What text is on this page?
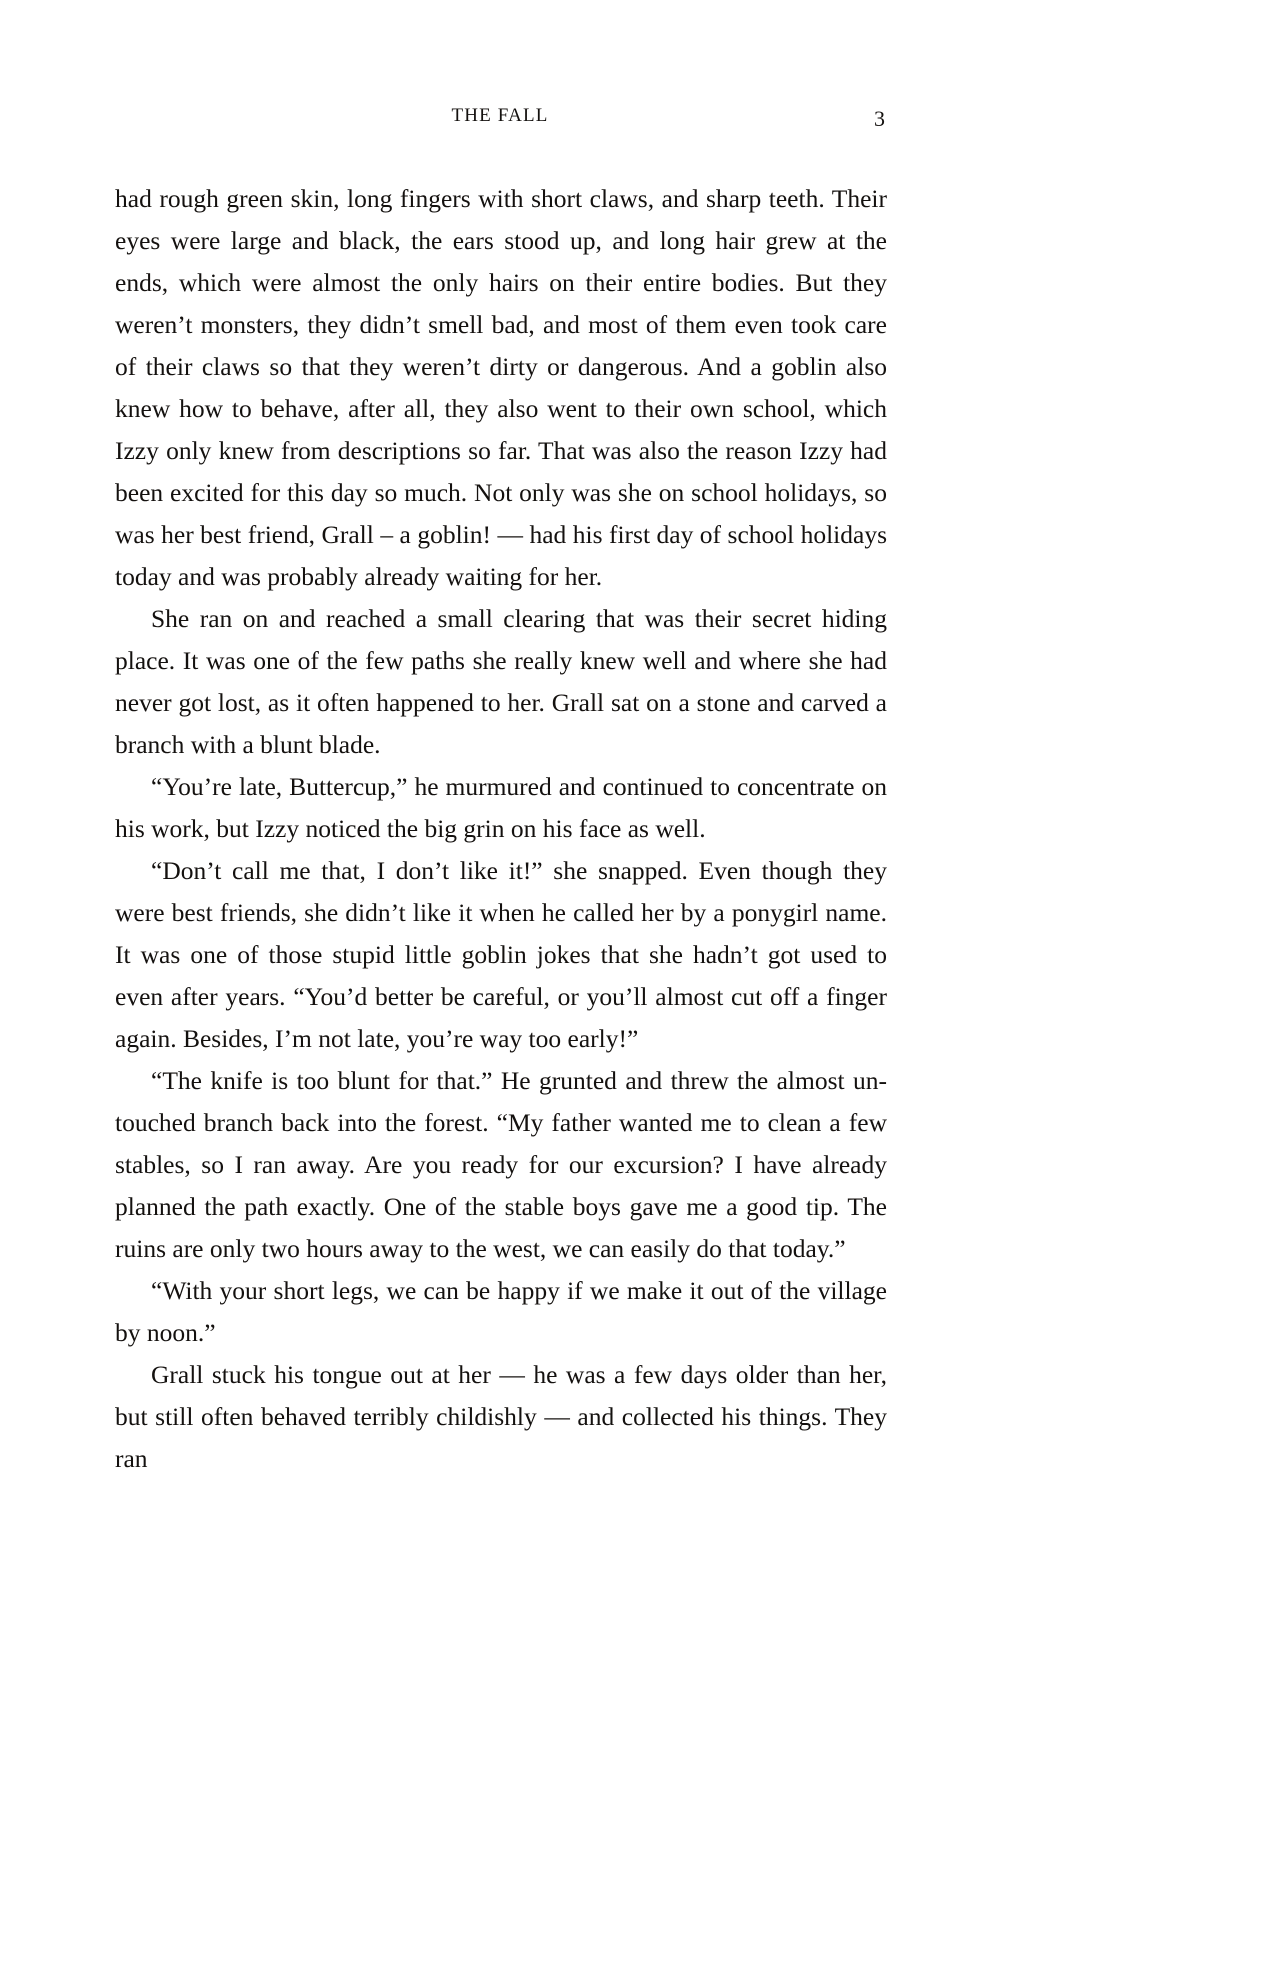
THE FALL	3

had rough green skin, long fingers with short claws, and sharp teeth. Their eyes were large and black, the ears stood up, and long hair grew at the ends, which were almost the only hairs on their entire bodies. But they weren’t monsters, they didn’t smell bad, and most of them even took care of their claws so that they weren’t dirty or dangerous. And a goblin also knew how to behave, after all, they also went to their own school, which Izzy only knew from descriptions so far. That was also the reason Izzy had been excited for this day so much. Not only was she on school holidays, so was her best friend, Grall – a goblin! — had his first day of school holidays today and was probably already waiting for her.

She ran on and reached a small clearing that was their secret hiding place. It was one of the few paths she really knew well and where she had never got lost, as it often happened to her. Grall sat on a stone and carved a branch with a blunt blade.

“You’re late, Buttercup,” he murmured and continued to concentrate on his work, but Izzy noticed the big grin on his face as well.

“Don’t call me that, I don’t like it!” she snapped. Even though they were best friends, she didn’t like it when he called her by a ponygirl name. It was one of those stupid little goblin jokes that she hadn’t got used to even after years. “You’d better be careful, or you’ll almost cut off a finger again. Besides, I’m not late, you’re way too early!”

“The knife is too blunt for that.” He grunted and threw the almost un-touched branch back into the forest. “My father wanted me to clean a few stables, so I ran away. Are you ready for our excursion? I have already planned the path exactly. One of the stable boys gave me a good tip. The ruins are only two hours away to the west, we can easily do that today.”

“With your short legs, we can be happy if we make it out of the village by noon.”

Grall stuck his tongue out at her — he was a few days older than her, but still often behaved terribly childishly — and collected his things. They ran
